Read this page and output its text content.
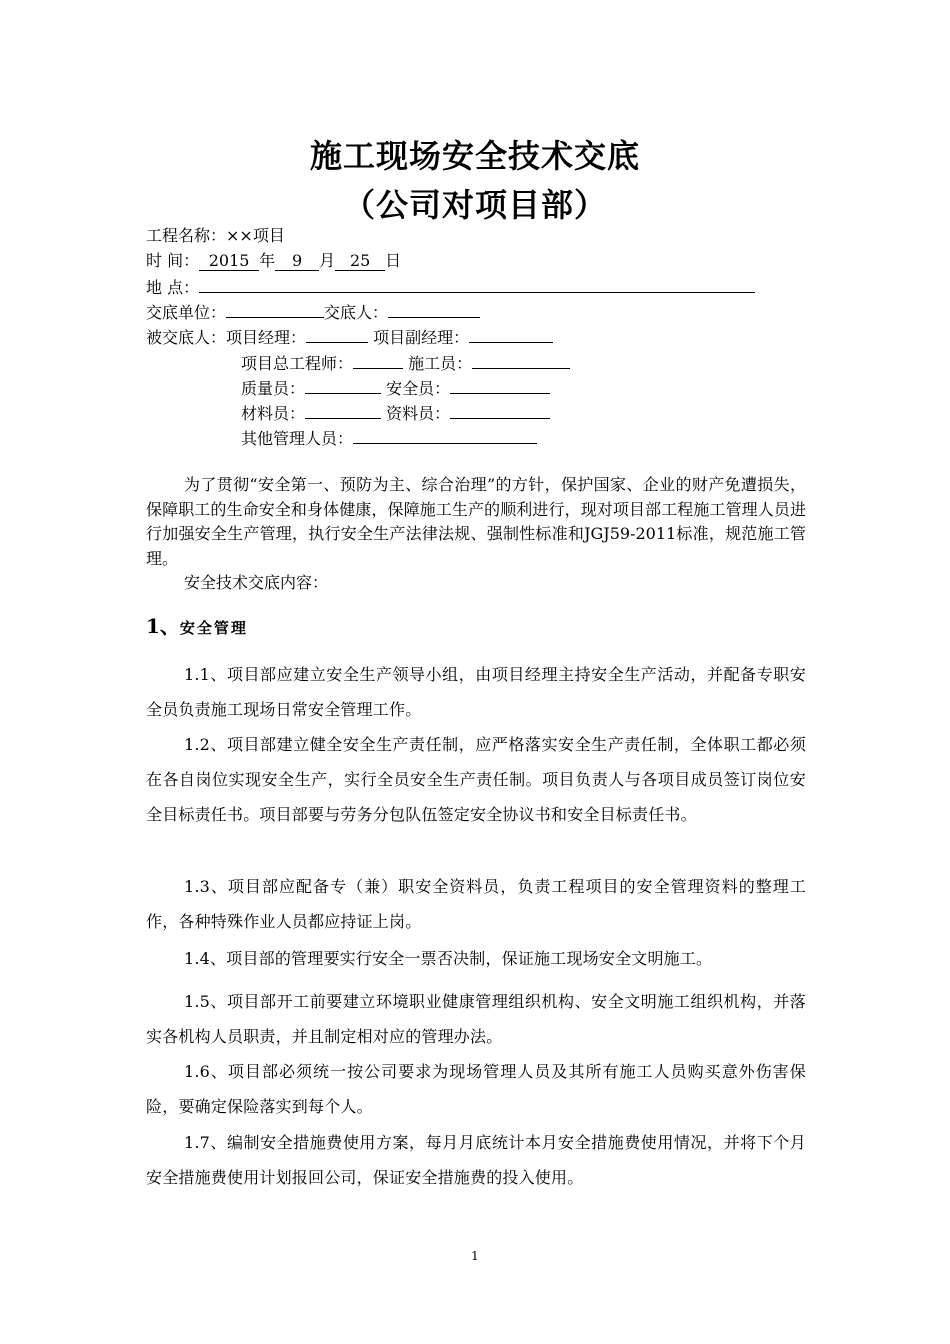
施工现场安全技术交底
（公司对项目部）
工程名称：××项目
时 间： 2015 年 9 月 25 日
地 点：
交底单位：	交底人：
被交底人：项目经理：	项目副经理：
项目总工程师：	施工员：
质量员：	安全员：
材料员：	资料员：
其他管理人员：
为了贯彻“安全第一、预防为主、综合治理”的方针，保护国家、企业的财产免遭损失，保障职工的生命安全和身体健康，保障施工生产的顺利进行，现对项目部工程施工管理人员进行加强安全生产管理，执行安全生产法律法规、强制性标准和JGJ59-2011标准，规范施工管理。
安全技术交底内容：
1、安全管理
1.1、项目部应建立安全生产领导小组，由项目经理主持安全生产活动，并配备专职安全员负责施工现场日常安全管理工作。
1.2、项目部建立健全安全生产责任制，应严格落实安全生产责任制，全体职工都必须在各自岗位实现安全生产，实行全员安全生产责任制。项目负责人与各项目成员签订岗位安全目标责任书。项目部要与劳务分包队伍签定安全协议书和安全目标责任书。
1.3、项目部应配备专（兼）职安全资料员，负责工程项目的安全管理资料的整理工作，各种特殊作业人员都应持证上岗。
1.4、项目部的管理要实行安全一票否决制，保证施工现场安全文明施工。
1.5、项目部开工前要建立环境职业健康管理组织机构、安全文明施工组织机构，并落实各机构人员职责，并且制定相对应的管理办法。
1.6、项目部必须统一按公司要求为现场管理人员及其所有施工人员购买意外伤害保险，要确定保险落实到每个人。
1.7、编制安全措施费使用方案，每月月底统计本月安全措施费使用情况，并将下个月安全措施费使用计划报回公司，保证安全措施费的投入使用。
1
